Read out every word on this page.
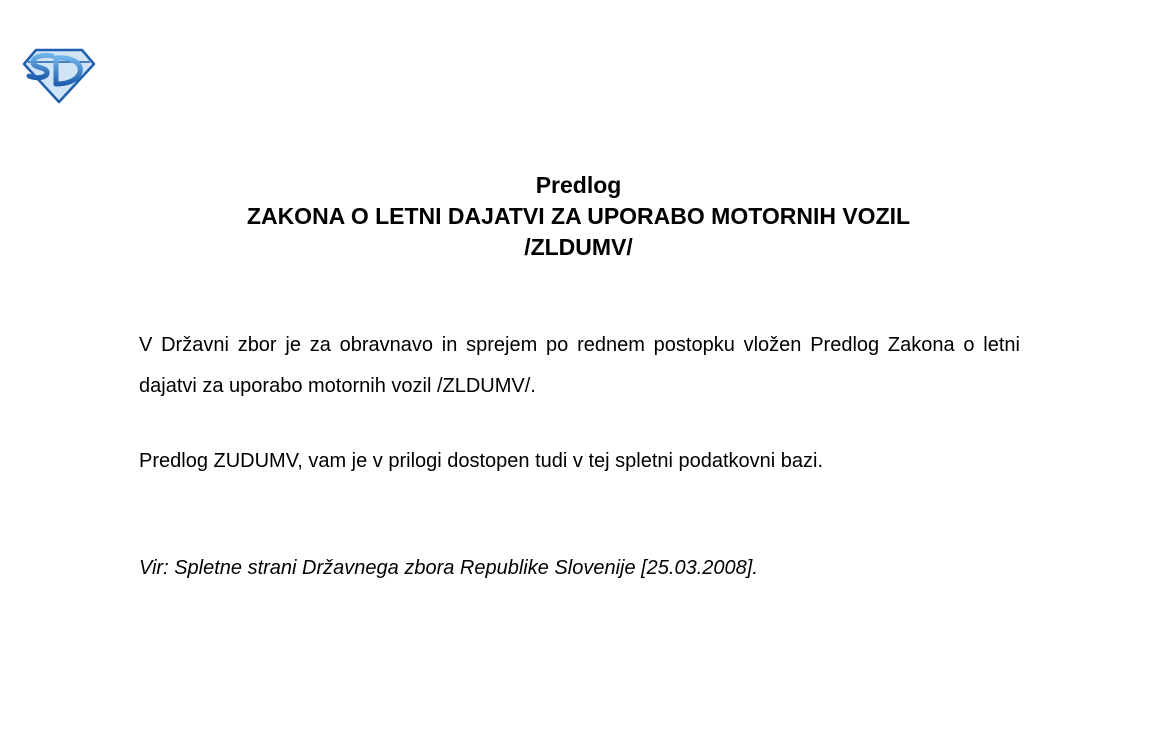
Predlog
ZAKONA O LETNI DAJATVI ZA UPORABO MOTORNIH VOZIL
/ZLDUMV/

V Državni zbor je za obravnavo in sprejem po rednem postopku vložen Predlog Zakona o letni dajatvi za uporabo motornih vozil /ZLDUMV/.

Predlog ZUDUMV, vam je v prilogi dostopen tudi v tej spletni podatkovni bazi.

Vir: Spletne strani Državnega zbora Republike Slovenije [25.03.2008].
